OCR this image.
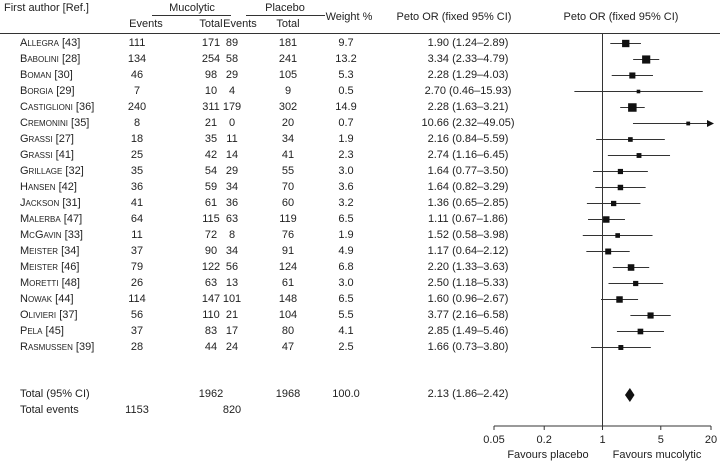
First author [Ref.]	Mucolytic	Placebo
Weight % Peto OR (fixed 95% CI)	Peto OR (fixed 95% CI)
Events	Total Events Total
Allegra [43]	111	171 89	181	9.7	1.90 (1.24–2.89)
Babolini [28]	134	254 58	241	13.2	3.34 (2.33–4.79)
Boman [30]	46	98 29	105	5.3	2.28 (1.29–4.03)
Borgia [29]	7	10 4	9	0.5	2.70 (0.46–15.93)
Castiglioni [36]	240	311 179	302	14.9	2.28 (1.63–3.21)
Cremonini [35]	8	21 0	20	0.7	10.66 (2.32–49.05)
Grassi [27]	18	35 11	34	1.9	2.16 (0.84–5.59)
Grassi [41]	25	42 14	41	2.3	2.74 (1.16–6.45)
Grillage [32]	35	54 29	55	3.0	1.64 (0.77–3.50)
Hansen [42]	36	59 34	70	3.6	1.64 (0.82–3.29)
Jackson [31]	41	61 36	60	3.2	1.36 (0.65–2.85)
Malerba [47]	64	115 63	119	6.5	1.11 (0.67–1.86)
McGavin [33]	11	72 8	76	1.9	1.52 (0.58–3.98)
Meister [34]	37	90 34	91	4.9	1.17 (0.64–2.12)
Meister [46]	79	122 56	124	6.8	2.20 (1.33–3.63)
Moretti [48]	26	63 13	61	3.0	2.50 (1.18–5.33)
Nowak [44]	114	147 101	148	6.5	1.60 (0.96–2.67)
Olivieri [37]	56	110 21	104	5.5	3.77 (2.16–6.58)
Pela [45]	37	83 17	80	4.1	2.85 (1.49–5.46)
Rasmussen [39]	28	44 24	47	2.5	1.66 (0.73–3.80)
Total (95% CI)	1962	1968	100.0	2.13 (1.86–2.42)
Total events	1153	820
Favours placebo Favours mucolytic
0.05	0.2	1	5	20
